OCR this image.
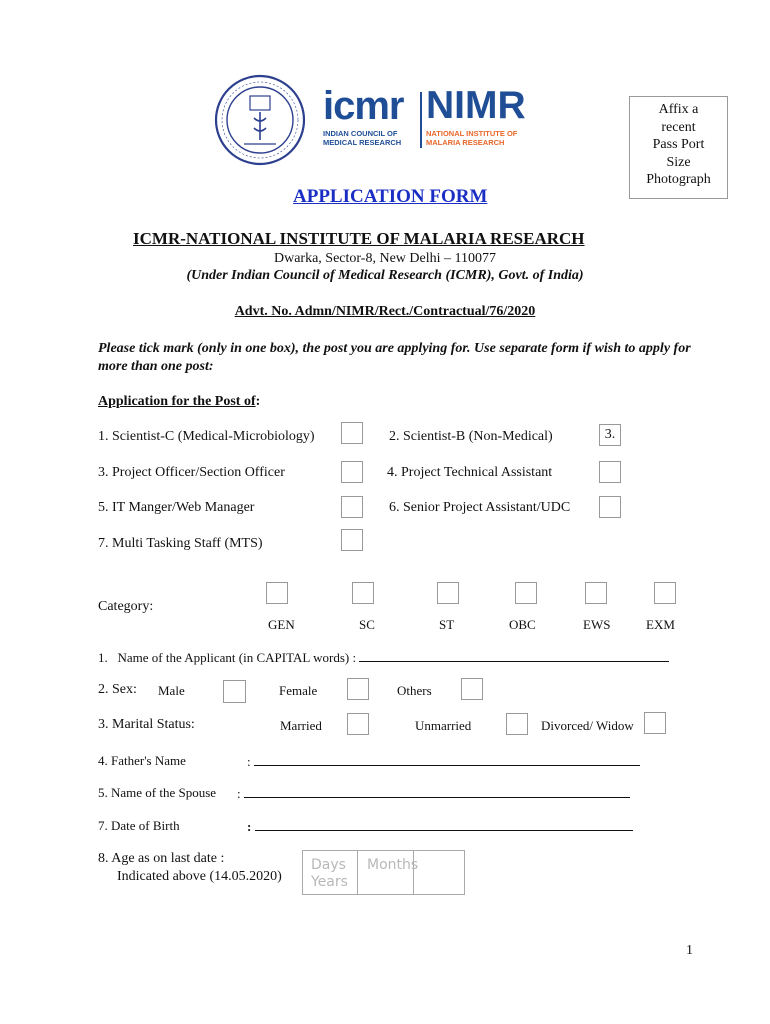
icmr
INDIAN COUNCIL OF
MEDICAL RESEARCH
NIMR
NATIONAL INSTITUTE OF
MALARIA RESEARCH
Affix a
recent
Pass Port
Size
Photograph
APPLICATION FORM
ICMR-NATIONAL INSTITUTE OF MALARIA RESEARCH
Dwarka, Sector-8, New Delhi – 110077
(Under Indian Council of Medical Research (ICMR), Govt. of India)
Advt. No. Admn/NIMR/Rect./Contractual/76/2020
Please tick mark (only in one box), the post you are applying for. Use separate form if wish to apply for more than one post:
Application for the Post of:
1. Scientist-C (Medical-Microbiology)	2. Scientist-B (Non-Medical)	3.
3. Project Officer/Section Officer	4. Project Technical Assistant
5. IT Manger/Web Manager	6. Senior Project Assistant/UDC
7. Multi Tasking Staff (MTS)
Category:
GEN	SC	ST	OBC	EWS	EXM
1.   Name of the Applicant (in CAPITAL words) :
2. Sex: Male	Female	Others
3. Marital Status:	Married	Unmarried	Divorced/ Widow
4. Father's Name	:
5. Name of the Spouse :
7. Date of Birth	:
8. Age as on last date :
Indicated above (14.05.2020)
Days Months
Years
1
